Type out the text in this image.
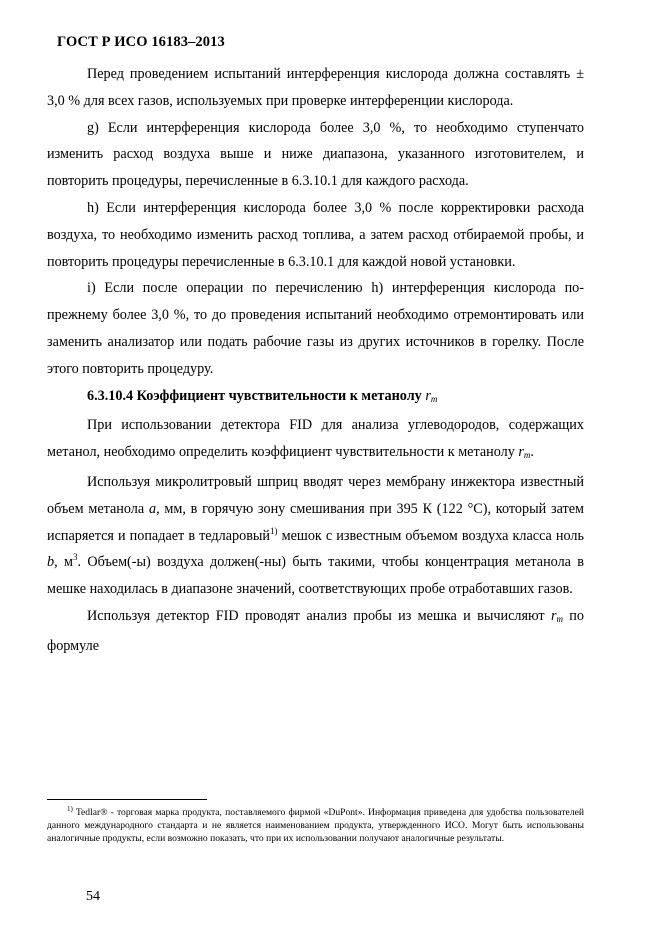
ГОСТ Р ИСО 16183–2013

Перед проведением испытаний интерференция кислорода должна составлять ± 3,0 % для всех газов, используемых при проверке интерференции кислорода.

g) Если интерференция кислорода более 3,0 %, то необходимо ступенчато изменить расход воздуха выше и ниже диапазона, указанного изготовителем, и повторить процедуры, перечисленные в 6.3.10.1 для каждого расхода.

h) Если интерференция кислорода более 3,0 % после корректировки расхода воздуха, то необходимо изменить расход топлива, а затем расход отбираемой пробы, и повторить процедуры перечисленные в 6.3.10.1 для каждой новой установки.

i) Если после операции по перечислению h) интерференция кислорода по-прежнему более 3,0 %, то до проведения испытаний необходимо отремонтировать или заменить анализатор или подать рабочие газы из других источников в горелку. После этого повторить процедуру.

6.3.10.4 Коэффициент чувствительности к метанолу $r_m$

При использовании детектора FID для анализа углеводородов, содержащих метанол, необходимо определить коэффициент чувствительности к метанолу $r_m$.

Используя микролитровый шприц вводят через мембрану инжектора известный объем метанола a, мм, в горячую зону смешивания при 395 К (122 °С), который затем испаряется и попадает в тедларовый$^{1)}$ мешок с известным объемом воздуха класса ноль b, $м^3$. Объем(-ы) воздуха должен(-ны) быть такими, чтобы концентрация метанола в мешке находилась в диапазоне значений, соответствующих пробе отработавших газов.

Используя детектор FID проводят анализ пробы из мешка и вычисляют $r_m$ по формуле

$^{1)}$ Tedlar® - торговая марка продукта, поставляемого фирмой «DuPont». Информация приведена для удобства пользователей данного международного стандарта и не является наименованием продукта, утвержденного ИСО. Могут быть использованы аналогичные продукты, если возможно показать, что при их использовании получают аналогичные результаты.

54
